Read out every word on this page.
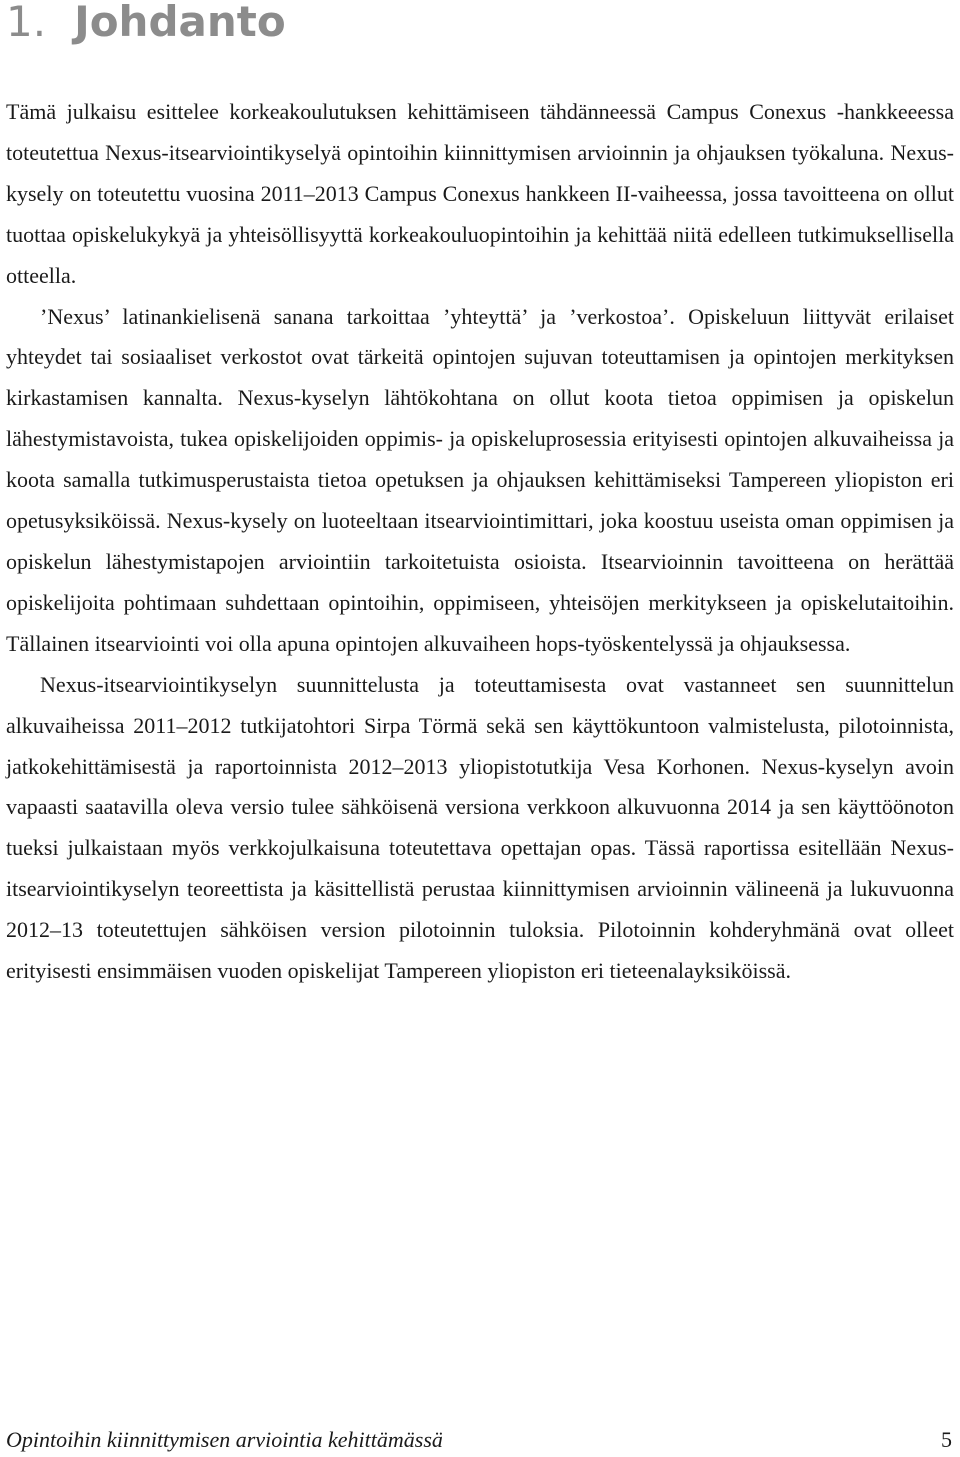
1. Johdanto

Tämä julkaisu esittelee korkeakoulutuksen kehittämiseen tähdänneessä Campus Conexus -hankkeeessa toteutettua Nexus-itsearviointikyselyä opintoihin kiinnittymisen arvioinnin ja ohjauksen työkaluna. Nexus-kysely on toteutettu vuosina 2011–2013 Campus Conexus hankkeen II-vaiheessa, jossa tavoitteena on ollut tuottaa opiskelukykyä ja yhteisöllisyyttä korkeakouluopintoihin ja kehittää niitä edelleen tutkimuksellisella otteella.

’Nexus’ latinankielisenä sanana tarkoittaa ’yhteyttä’ ja ’verkostoa’. Opiskeluun liittyvät erilaiset yhteydet tai sosiaaliset verkostot ovat tärkeitä opintojen sujuvan toteuttamisen ja opintojen merkityksen kirkastamisen kannalta. Nexus-kyselyn lähtökohtana on ollut koota tietoa oppimisen ja opiskelun lähestymistavoista, tukea opiskelijoiden oppimis- ja opiskeluprosessia erityisesti opintojen alkuvaiheissa ja koota samalla tutkimusperustaista tietoa opetuksen ja ohjauksen kehittämiseksi Tampereen yliopiston eri opetusyksiköissä. Nexus-kysely on luoteeltaan itsearviointimittari, joka koostuu useista oman oppimisen ja opiskelun lähestymistapojen arviointiin tarkoitetuista osioista. Itsearvioinnin tavoitteena on herättää opiskelijoita pohtimaan suhdettaan opintoihin, oppimiseen, yhteisöjen merkitykseen ja opiskelutaitoihin. Tällainen itsearviointi voi olla apuna opintojen alkuvaiheen hops-työskentelyssä ja ohjauksessa.

Nexus-itsearviointikyselyn suunnittelusta ja toteuttamisesta ovat vastanneet sen suunnittelun alkuvaiheissa 2011–2012 tutkijatohtori Sirpa Törmä sekä sen käyttökuntoon valmistelusta, pilotoinnista, jatkokehittämisestä ja raportoinnista 2012–2013 yliopistotutkija Vesa Korhonen. Nexus-kyselyn avoin vapaasti saatavilla oleva versio tulee sähköisenä versiona verkkoon alkuvuonna 2014 ja sen käyttöönoton tueksi julkaistaan myös verkkojulkaisuna toteutettava opettajan opas. Tässä raportissa esitellään Nexus-itsearviointikyselyn teoreettista ja käsittellistä perustaa kiinnittymisen arvioinnin välineenä ja lukuvuonna 2012–13 toteutettujen sähköisen version pilotoinnin tuloksia. Pilotoinnin kohderyhmänä ovat olleet erityisesti ensimmäisen vuoden opiskelijat Tampereen yliopiston eri tieteenalayksiköissä.

Opintoihin kiinnittymisen arviointia kehittämässä	5
